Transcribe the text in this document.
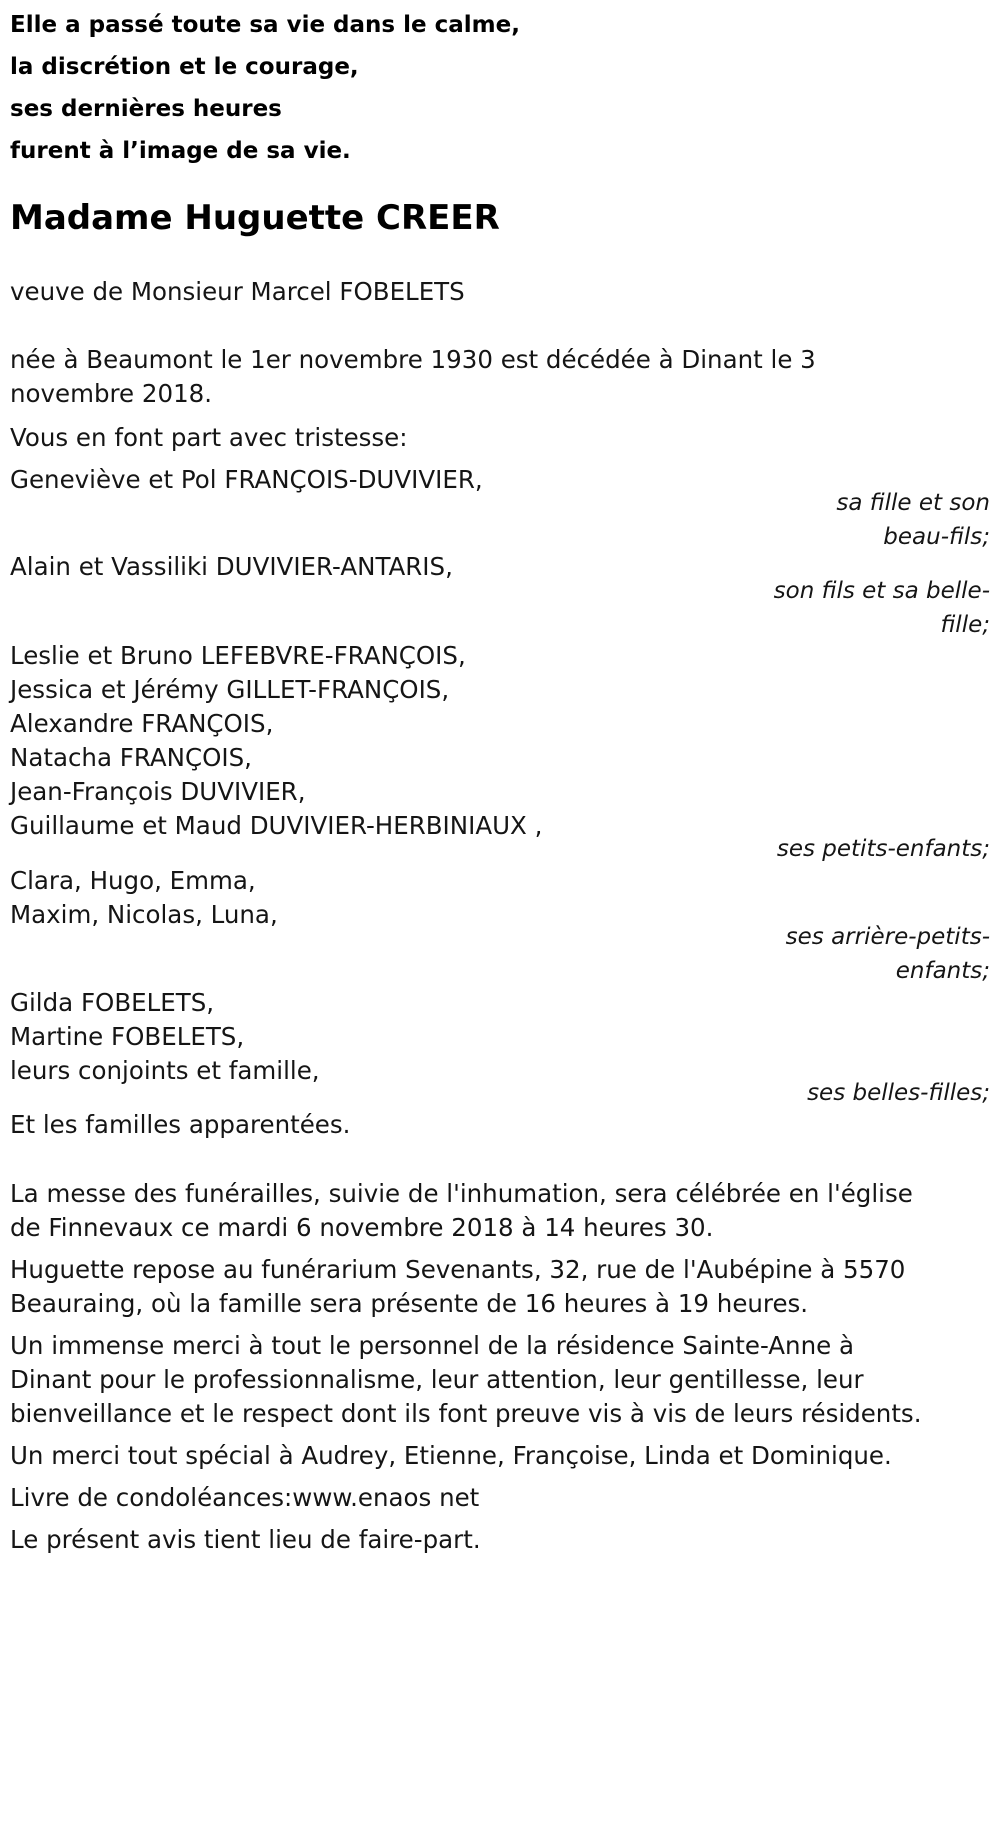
Elle a passé toute sa vie dans le calme,
la discrétion et le courage,
ses dernières heures
furent à l’image de sa vie.
Madame Huguette CREER
veuve de Monsieur Marcel FOBELETS
née à Beaumont le 1er novembre 1930 est décédée à Dinant le 3
novembre 2018.
Vous en font part avec tristesse:
Geneviève et Pol FRANÇOIS-DUVIVIER,
sa fille et son
beau-fils;
Alain et Vassiliki DUVIVIER-ANTARIS,
son fils et sa belle-
fille;
Leslie et Bruno LEFEBVRE-FRANÇOIS,
Jessica et Jérémy GILLET-FRANÇOIS,
Alexandre FRANÇOIS,
Natacha FRANÇOIS,
Jean-François DUVIVIER,
Guillaume et Maud DUVIVIER-HERBINIAUX ,
ses petits-enfants;
Clara, Hugo, Emma,
Maxim, Nicolas, Luna,
ses arrière-petits-
enfants;
Gilda FOBELETS,
Martine FOBELETS,
leurs conjoints et famille,
ses belles-filles;
Et les familles apparentées.
La messe des funérailles, suivie de l'inhumation, sera célébrée en l'église
de Finnevaux ce mardi 6 novembre 2018 à 14 heures 30.
Huguette repose au funérarium Sevenants, 32, rue de l'Aubépine à 5570
Beauraing, où la famille sera présente de 16 heures à 19 heures.
Un immense merci à tout le personnel de la résidence Sainte-Anne à
Dinant pour le professionnalisme, leur attention, leur gentillesse, leur
bienveillance et le respect dont ils font preuve vis à vis de leurs résidents.
Un merci tout spécial à Audrey, Etienne, Françoise, Linda et Dominique.
Livre de condoléances:www.enaos net
Le présent avis tient lieu de faire-part.
